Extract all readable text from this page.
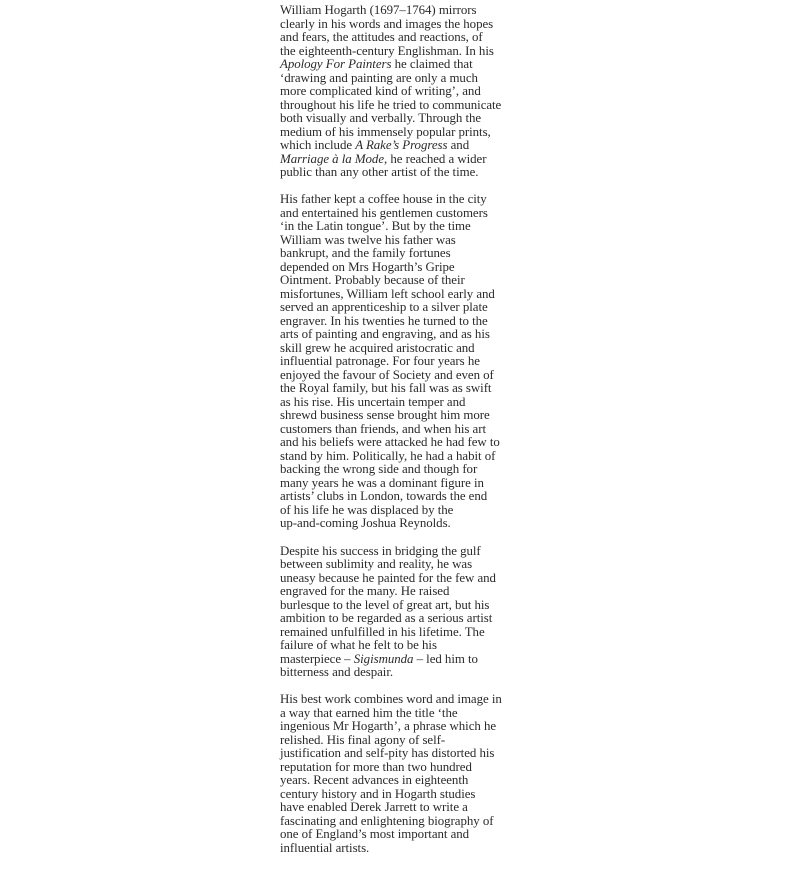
William Hogarth (1697–1764) mirrors
clearly in his words and images the hopes
and fears, the attitudes and reactions, of
the eighteenth-century Englishman. In his
Apology For Painters he claimed that
‘drawing and painting are only a much
more complicated kind of writing’, and
throughout his life he tried to communicate
both visually and verbally. Through the
medium of his immensely popular prints,
which include A Rake’s Progress and
Marriage à la Mode, he reached a wider
public than any other artist of the time.

His father kept a coffee house in the city
and entertained his gentlemen customers
‘in the Latin tongue’. But by the time
William was twelve his father was
bankrupt, and the family fortunes
depended on Mrs Hogarth’s Gripe
Ointment. Probably because of their
misfortunes, William left school early and
served an apprenticeship to a silver plate
engraver. In his twenties he turned to the
arts of painting and engraving, and as his
skill grew he acquired aristocratic and
influential patronage. For four years he
enjoyed the favour of Society and even of
the Royal family, but his fall was as swift
as his rise. His uncertain temper and
shrewd business sense brought him more
customers than friends, and when his art
and his beliefs were attacked he had few to
stand by him. Politically, he had a habit of
backing the wrong side and though for
many years he was a dominant figure in
artists’ clubs in London, towards the end
of his life he was displaced by the
up-and-coming Joshua Reynolds.

Despite his success in bridging the gulf
between sublimity and reality, he was
uneasy because he painted for the few and
engraved for the many. He raised
burlesque to the level of great art, but his
ambition to be regarded as a serious artist
remained unfulfilled in his lifetime. The
failure of what he felt to be his
masterpiece – Sigismunda – led him to
bitterness and despair.

His best work combines word and image in
a way that earned him the title ‘the
ingenious Mr Hogarth’, a phrase which he
relished. His final agony of self-
justification and self-pity has distorted his
reputation for more than two hundred
years. Recent advances in eighteenth
century history and in Hogarth studies
have enabled Derek Jarrett to write a
fascinating and enlightening biography of
one of England’s most important and
influential artists.
